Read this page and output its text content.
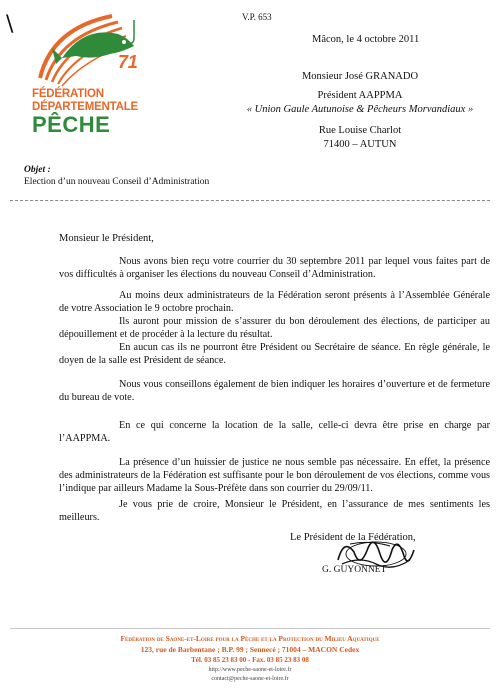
\
71
FÉDÉRATION
DÉPARTEMENTALE
PÊCHE
V.P. 653
Mâcon, le 4 octobre 2011
Monsieur José GRANADO
Président AAPPMA
« Union Gaule Autunoise & Pêcheurs Morvandiaux »
Rue Louise Charlot
71400 – AUTUN
Objet :
Election d’un nouveau Conseil d’Administration
Monsieur le Président,
Nous avons bien reçu votre courrier du 30 septembre 2011 par lequel vous faites part de vos difficultés à organiser les élections du nouveau Conseil d’Administration.
Au moins deux administrateurs de la Fédération seront présents à l’Assemblée Générale de votre Association le 9 octobre prochain.
Ils auront pour mission de s’assurer du bon déroulement des élections, de participer au dépouillement et de procéder à la lecture du résultat.
En aucun cas ils ne pourront être Président ou Secrétaire de séance. En règle générale, le doyen de la salle est Président de séance.
Nous vous conseillons également de bien indiquer les horaires d’ouverture et de fermeture du bureau de vote.
En ce qui concerne la location de la salle, celle-ci devra être prise en charge par l’AAPPMA.
La présence d’un huissier de justice ne nous semble pas nécessaire. En effet, la présence des administrateurs de la Fédération est suffisante pour le bon déroulement de vos élections, comme vous l’indique par ailleurs Madame la Sous-Préfète dans son courrier du 29/09/11.
Je vous prie de croire, Monsieur le Président, en l’assurance de mes sentiments les meilleurs.
Le Président de la Fédération,
G. GUYONNET
Fédération de Saone-et-Loire pour la Pêche et la Protection du Milieu Aquatique
123, rue de Barbentane ; B.P. 99 ; Sennecé ; 71004 – MACON Cedex
Tél. 03 85 23 83 00 - Fax. 03 85 23 83 08
http://www.peche-saone-et-loire.fr
contact@peche-saone-et-loire.fr
